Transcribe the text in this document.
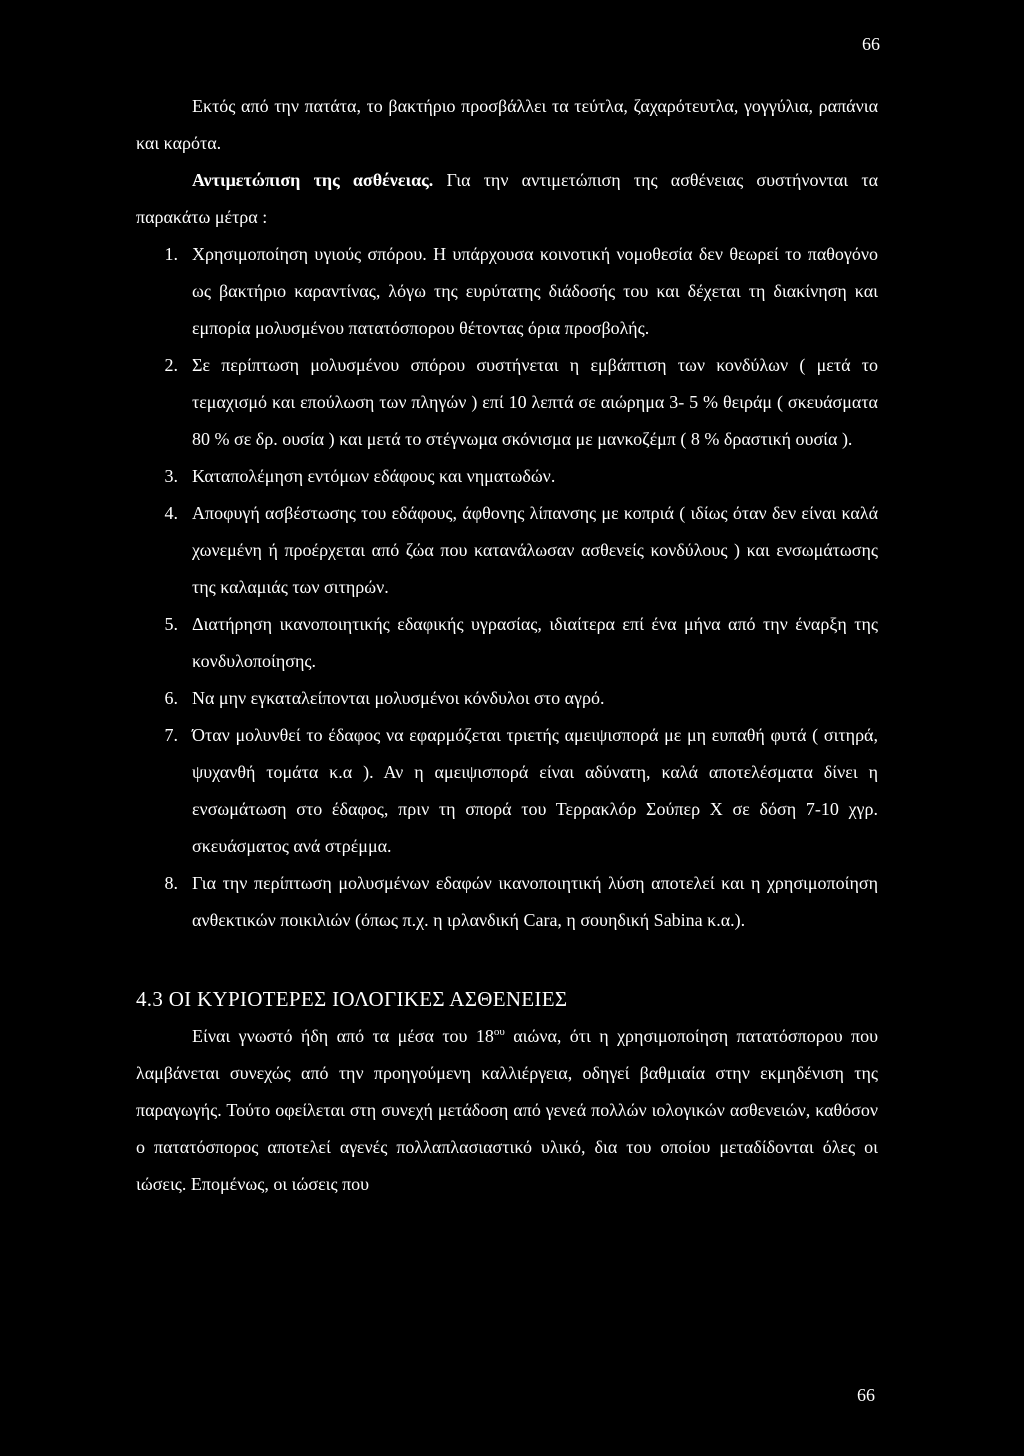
66

Εκτός από την πατάτα, το βακτήριο προσβάλλει τα τεύτλα, ζαχαρότευτλα, γογγύλια, ραπάνια και καρότα.

Αντιμετώπιση της ασθένειας. Για την αντιμετώπιση της ασθένειας συστήνονται τα παρακάτω μέτρα :

1. Χρησιμοποίηση υγιούς σπόρου. Η υπάρχουσα κοινοτική νομοθεσία δεν θεωρεί το παθογόνο ως βακτήριο καραντίνας, λόγω της ευρύτατης διάδοσής του και δέχεται τη διακίνηση και εμπορία μολυσμένου πατατόσπορου θέτοντας όρια προσβολής.
2. Σε περίπτωση μολυσμένου σπόρου συστήνεται η εμβάπτιση των κονδύλων ( μετά το τεμαχισμό και επούλωση των πληγών ) επί 10 λεπτά σε αιώρημα 3- 5 % θειράμ ( σκευάσματα 80 % σε δρ. ουσία ) και μετά το στέγνωμα σκόνισμα με μανκοζέμπ ( 8 % δραστική ουσία ).
3. Καταπολέμηση εντόμων εδάφους και νηματωδών.
4. Αποφυγή ασβέστωσης του εδάφους, άφθονης λίπανσης με κοπριά ( ιδίως όταν δεν είναι καλά χωνεμένη ή προέρχεται από ζώα που κατανάλωσαν ασθενείς κονδύλους ) και ενσωμάτωσης της καλαμιάς των σιτηρών.
5. Διατήρηση ικανοποιητικής εδαφικής υγρασίας, ιδιαίτερα επί ένα μήνα από την έναρξη της κονδυλοποίησης.
6. Να μην εγκαταλείπονται μολυσμένοι κόνδυλοι στο αγρό.
7. Όταν μολυνθεί το έδαφος να εφαρμόζεται τριετής αμειψισπορά με μη ευπαθή φυτά ( σιτηρά, ψυχανθή τομάτα κ.α ). Αν η αμειψισπορά είναι αδύνατη, καλά αποτελέσματα δίνει η ενσωμάτωση στο έδαφος, πριν τη σπορά του Τερρακλόρ Σούπερ Χ σε δόση 7-10 χγρ. σκευάσματος ανά στρέμμα.
8. Για την περίπτωση μολυσμένων εδαφών ικανοποιητική λύση αποτελεί και η χρησιμοποίηση ανθεκτικών ποικιλιών (όπως π.χ. η ιρλανδική Cara, η σουηδική Sabina κ.α.).
4.3 ΟΙ ΚΥΡΙΟΤΕΡΕΣ ΙΟΛΟΓΙΚΕΣ ΑΣΘΕΝΕΙΕΣ

Είναι γνωστό ήδη από τα μέσα του $18^{o\upsilon}$ αιώνα, ότι η χρησιμοποίηση πατατόσπορου που λαμβάνεται συνεχώς από την προηγούμενη καλλιέργεια, οδηγεί βαθμιαία στην εκμηδένιση της παραγωγής. Τούτο οφείλεται στη συνεχή μετάδοση από γενεά πολλών ιολογικών ασθενειών, καθόσον ο πατατόσπορος αποτελεί αγενές πολλαπλασιαστικό υλικό, δια του οποίου μεταδίδονται όλες οι ιώσεις. Επομένως, οι ιώσεις που

66
